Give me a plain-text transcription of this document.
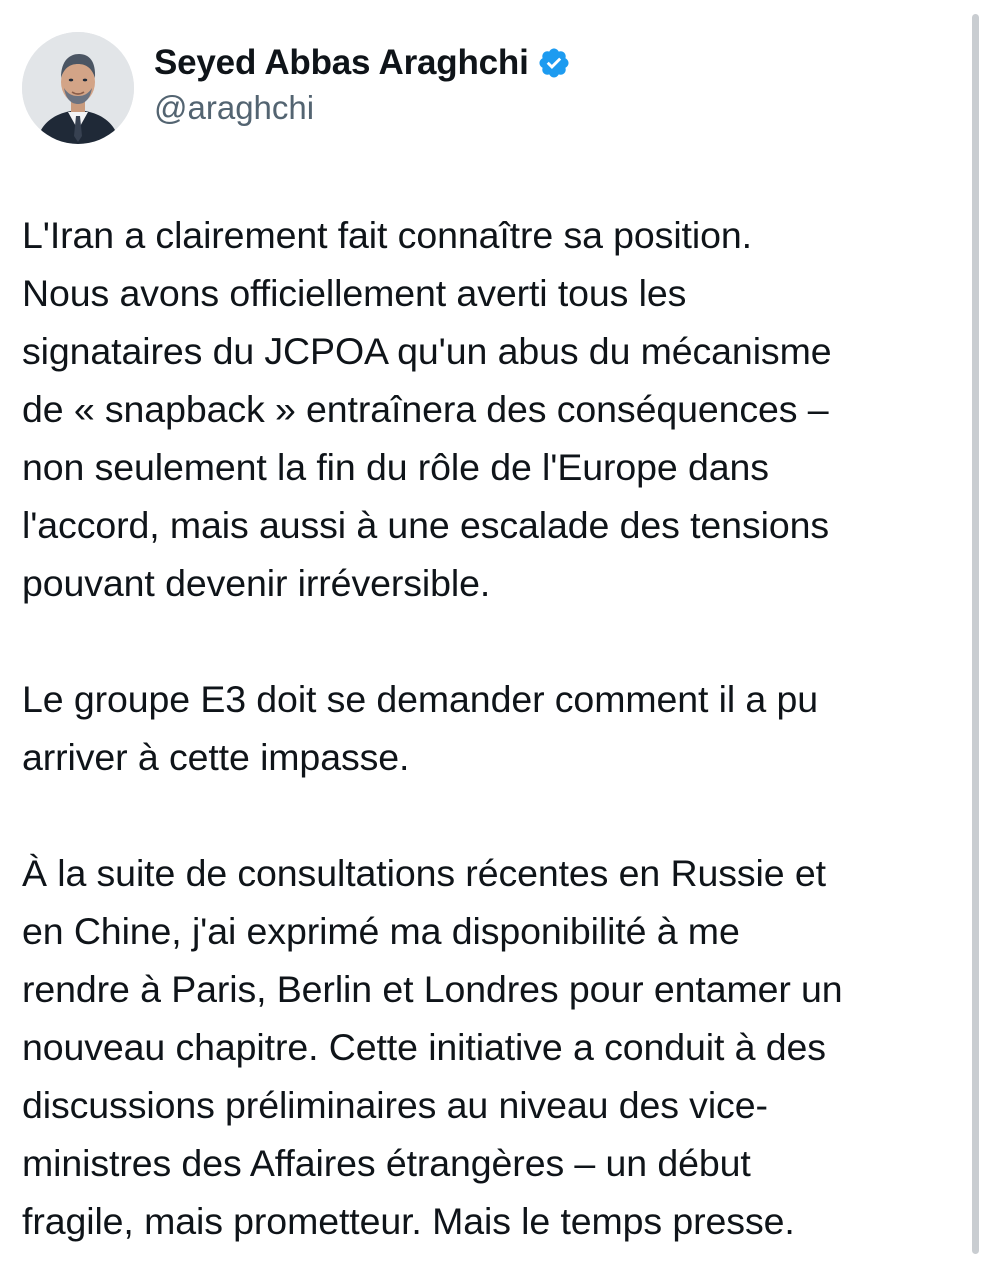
Seyed Abbas Araghchi
@araghchi

L'Iran a clairement fait connaître sa position.
Nous avons officiellement averti tous les
signataires du JCPOA qu'un abus du mécanisme
de « snapback » entraînera des conséquences –
non seulement la fin du rôle de l'Europe dans
l'accord, mais aussi à une escalade des tensions
pouvant devenir irréversible.

Le groupe E3 doit se demander comment il a pu
arriver à cette impasse.

À la suite de consultations récentes en Russie et
en Chine, j'ai exprimé ma disponibilité à me
rendre à Paris, Berlin et Londres pour entamer un
nouveau chapitre. Cette initiative a conduit à des
discussions préliminaires au niveau des vice-
ministres des Affaires étrangères – un début
fragile, mais prometteur. Mais le temps presse.
